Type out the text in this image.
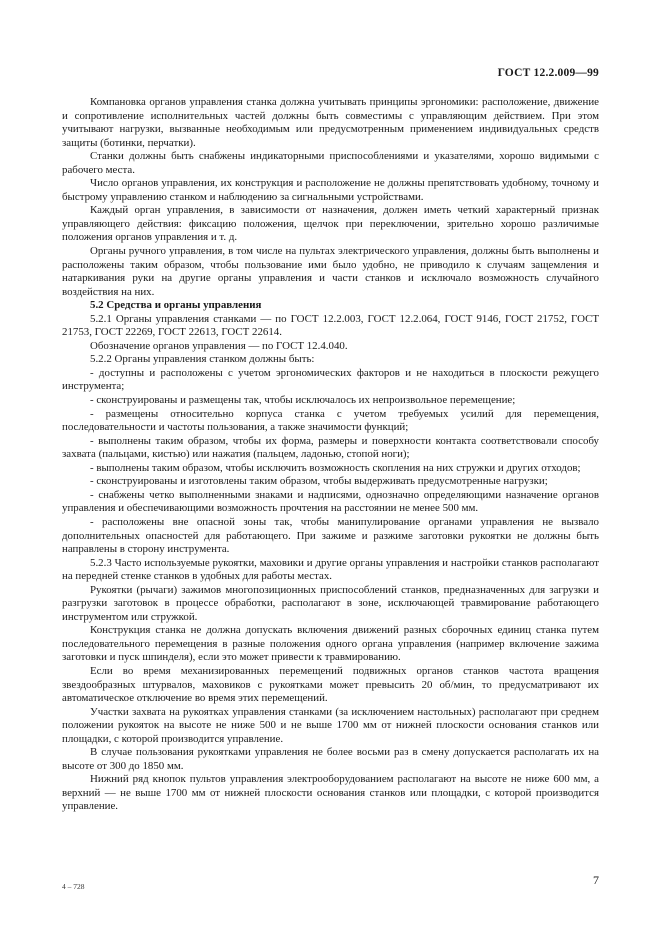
ГОСТ 12.2.009—99

Компановка органов управления станка должна учитывать принципы эргономики: расположение, движение и сопротивление исполнительных частей должны быть совместимы с управляющим действием. При этом учитывают нагрузки, вызванные необходимым или предусмотренным применением индивидуальных средств защиты (ботинки, перчатки).

Станки должны быть снабжены индикаторными приспособлениями и указателями, хорошо видимыми с рабочего места.

Число органов управления, их конструкция и расположение не должны препятствовать удобному, точному и быстрому управлению станком и наблюдению за сигнальными устройствами.

Каждый орган управления, в зависимости от назначения, должен иметь четкий характерный признак управляющего действия: фиксацию положения, щелчок при переключении, зрительно хорошо различимые положения органов управления и т. д.

Органы ручного управления, в том числе на пультах электрического управления, должны быть выполнены и расположены таким образом, чтобы пользование ими было удобно, не приводило к случаям защемления и натаркивания руки на другие органы управления и части станков и исключало возможность случайного воздействия на них.

5.2 Средства и органы управления

5.2.1 Органы управления станками — по ГОСТ 12.2.003, ГОСТ 12.2.064, ГОСТ 9146, ГОСТ 21752, ГОСТ 21753, ГОСТ 22269, ГОСТ 22613, ГОСТ 22614.

Обозначение органов управления — по ГОСТ 12.4.040.

5.2.2 Органы управления станком должны быть:

- доступны и расположены с учетом эргономических факторов и не находиться в плоскости режущего инструмента;

- сконструированы и размещены так, чтобы исключалось их непроизвольное перемещение;

- размещены относительно корпуса станка с учетом требуемых усилий для перемещения, последовательности и частоты пользования, а также значимости функций;

- выполнены таким образом, чтобы их форма, размеры и поверхности контакта соответствовали способу захвата (пальцами, кистью) или нажатия (пальцем, ладонью, стопой ноги);

- выполнены таким образом, чтобы исключить возможность скопления на них стружки и других отходов;

- сконструированы и изготовлены таким образом, чтобы выдерживать предусмотренные нагрузки;

- снабжены четко выполненными знаками и надписями, однозначно определяющими назначение органов управления и обеспечивающими возможность прочтения на расстоянии не менее 500 мм.

- расположены вне опасной зоны так, чтобы манипулирование органами управления не вызвало дополнительных опасностей для работающего. При зажиме и разжиме заготовки рукоятки не должны быть направлены в сторону инструмента.

5.2.3 Часто используемые рукоятки, маховики и другие органы управления и настройки станков располагают на передней стенке станков в удобных для работы местах.

Рукоятки (рычаги) зажимов многопозиционных приспособлений станков, предназначенных для загрузки и разгрузки заготовок в процессе обработки, располагают в зоне, исключающей травмирование работающего инструментом или стружкой.

Конструкция станка не должна допускать включения движений разных сборочных единиц станка путем последовательного перемещения в разные положения одного органа управления (например включение зажима заготовки и пуск шпинделя), если это может привести к травмированию.

Если во время механизированных перемещений подвижных органов станков частота вращения звездообразных штурвалов, маховиков с рукоятками может превысить 20 об/мин, то предусматривают их автоматическое отключение во время этих перемещений.

Участки захвата на рукоятках управления станками (за исключением настольных) располагают при среднем положении рукояток на высоте не ниже 500 и не выше 1700 мм от нижней плоскости основания станков или площадки, с которой производится управление.

В случае пользования рукоятками управления не более восьми раз в смену допускается располагать их на высоте от 300 до 1850 мм.

Нижний ряд кнопок пультов управления электрооборудованием располагают на высоте не ниже 600 мм, а верхний — не выше 1700 мм от нижней плоскости основания станков или площадки, с которой производится управление.

4 – 728	7
